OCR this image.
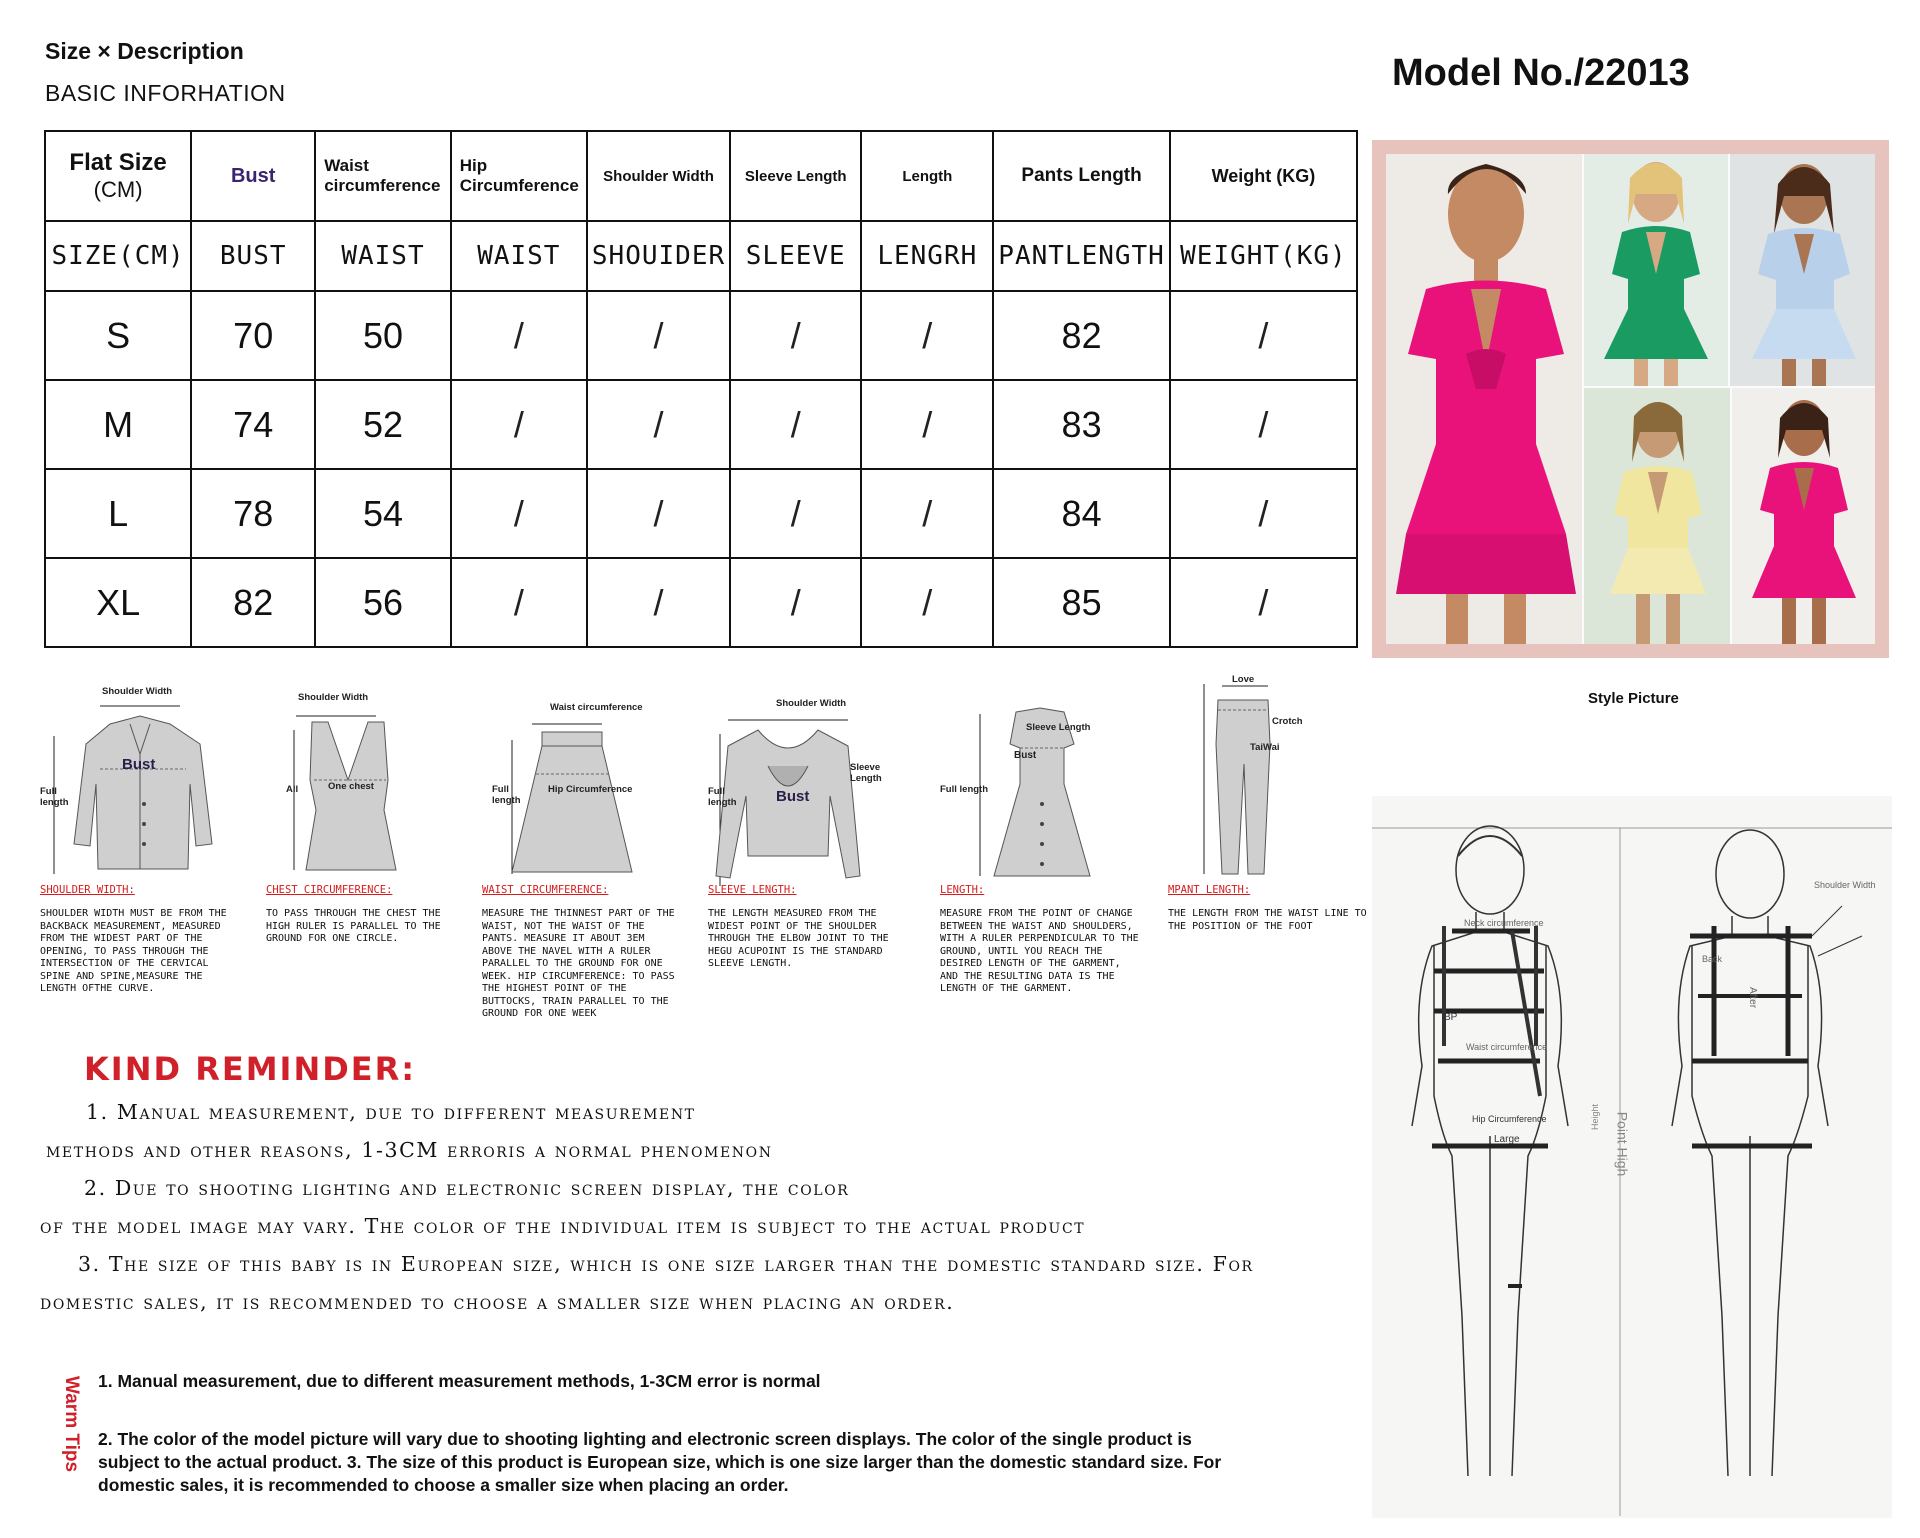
Size × Description
BASIC INFORHATION	Model No./22013
Flat Size
(CM)	Bust	Waist circumference	Hip Circumference	Shoulder Width	Sleeve Length	Length	Pants Length	Weight (KG)
SIZE(CM)	BUST	WAIST	WAIST	SHOUIDER	SLEEVE	LENGRH	PANTLENGTH	WEIGHT(KG)
S	70	50	/	/	/	/	82	/
M	74	52	/	/	/	/	83	/
L	78	54	/	/	/	/	84	/
XL	82	56	/	/	/	/	85	/
Style Picture
Shoulder Width
Bust
Full length
SHOULDER WIDTH:
SHOULDER WIDTH MUST BE FROM THE BACKBACK MEASUREMENT, MEASURED FROM THE WIDEST PART OF THE OPENING, TO PASS THROUGH THE INTERSECTION OF THE CERVICAL SPINE AND SPINE,MEASURE THE LENGTH OFTHE CURVE.
Shoulder Width
One chest
All
CHEST CIRCUMFERENCE:
TO PASS THROUGH THE CHEST THE HIGH RULER IS PARALLEL TO THE GROUND FOR ONE CIRCLE.
Waist circumference
Hip Circumference
Full length
WAIST CIRCUMFERENCE:
MEASURE THE THINNEST PART OF THE WAIST, NOT THE WAIST OF THE PANTS. MEASURE IT ABOUT 3EM ABOVE THE NAVEL WITH A RULER PARALLEL TO THE GROUND FOR ONE WEEK. HIP CIRCUMFERENCE: TO PASS THE HIGHEST POINT OF THE BUTTOCKS, TRAIN PARALLEL TO THE GROUND FOR ONE WEEK
Shoulder Width
Bust
Sleeve Length
Full length
SLEEVE LENGTH:
THE LENGTH MEASURED FROM THE WIDEST POINT OF THE SHOULDER THROUGH THE ELBOW JOINT TO THE HEGU ACUPOINT IS THE STANDARD SLEEVE LENGTH.
Sleeve Length
Bust
Full length
LENGTH:
MEASURE FROM THE POINT OF CHANGE BETWEEN THE WAIST AND SHOULDERS, WITH A RULER PERPENDICULAR TO THE GROUND, UNTIL YOU REACH THE DESIRED LENGTH OF THE GARMENT, AND THE RESULTING DATA IS THE LENGTH OF THE GARMENT.
Love
Crotch
TaiWai
MPANT LENGTH:
THE LENGTH FROM THE WAIST LINE TO THE POSITION OF THE FOOT	Neck circumference
BP
Waist circumference
Hip Circumference
Large
Height Point High
Shoulder Width
Back
After
KIND REMINDER:
1. Manual measurement, due to different measurement
methods and other reasons, 1-3CM erroris a normal phenomenon
2. Due to shooting lighting and electronic screen display, the color
of the model image may vary. The color of the individual item is subject to the actual product
3. The size of this baby is in European size, which is one size larger than the domestic standard size. For
domestic sales, it is recommended to choose a smaller size when placing an order.
Warm Tips 1. Manual measurement, due to different measurement methods, 1-3CM error is normal
2. The color of the model picture will vary due to shooting lighting and electronic screen displays. The color of the single product is subject to the actual product. 3. The size of this product is European size, which is one size larger than the domestic standard size. For domestic sales, it is recommended to choose a smaller size when placing an order.
